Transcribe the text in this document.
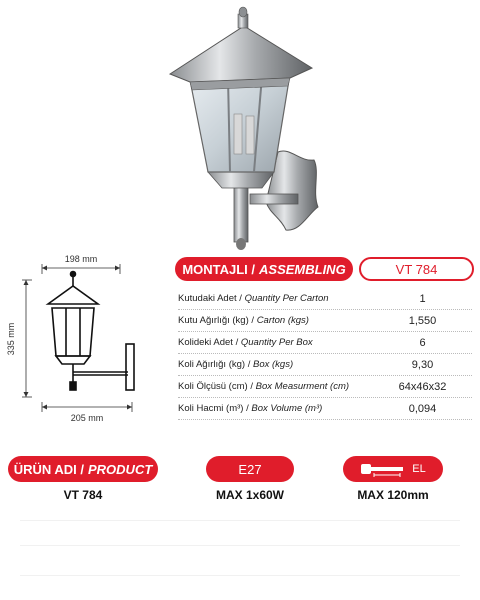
198 mm
335 mm
205 mm
MONTAJLI / ASSEMBLING	VT 784
Kutudaki Adet / Quantity Per Carton	1
Kutu Ağırlığı (kg) / Carton (kgs)	1,550
Kolideki Adet / Quantity Per Box	6
Koli Ağırlığı (kg) / Box (kgs)	9,30
Koli Ölçüsü (cm) / Box Measurment (cm)	64x46x32
Koli Hacmi (m³) / Box Volume (m³)	0,094
ÜRÜN ADI / PRODUCT	E27	EL
VT 784	MAX 1x60W	MAX 120mm
